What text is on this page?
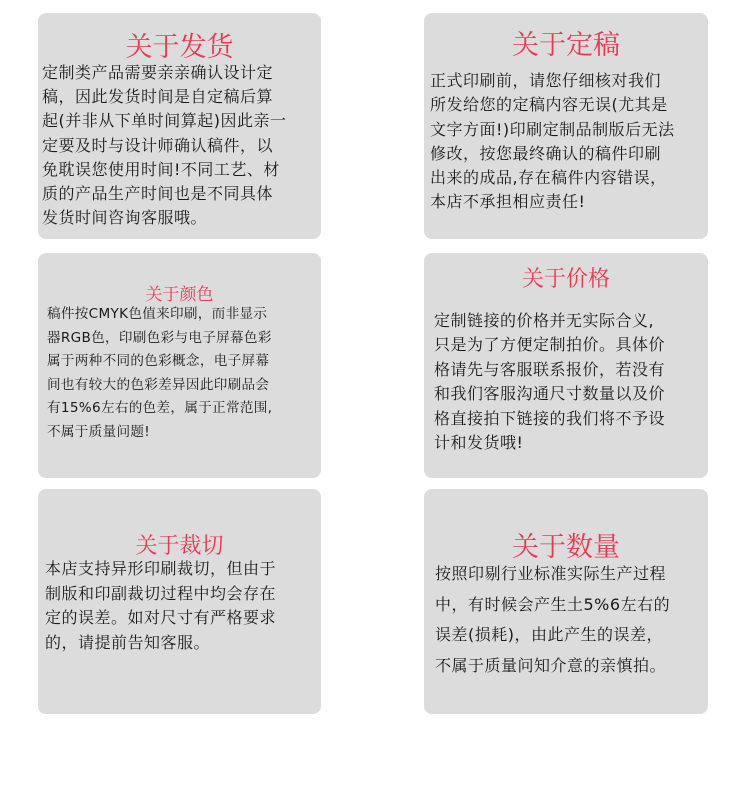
关于发货
定制类产品需要亲亲确认设计定
稿，因此发货时间是自定稿后算
起(并非从下单时间算起)因此亲一
定要及时与设计师确认稿件，以
免耽误您使用时间!不同工艺、材
质的产品生产时间也是不同具体
发货时间咨询客服哦。
关于定稿
正式印刷前，请您仔细核对我们
所发给您的定稿内容无误(尤其是
文字方面!)印刷定制品制版后无法
修改，按您最终确认的稿件印刷
出来的成品,存在稿件内容错误，
本店不承担相应责任!
关于颜色
稿件按CMYK色值来印刷，而非显示
器RGB色，印刷色彩与电子屏幕色彩
属于两种不同的色彩概念，电子屏幕
间也有较大的色彩差异因此印刷品会
有15%6左右的色差，属于正常范围,
不属于质量问题!
关于价格
定制链接的价格并无实际合义,
只是为了方便定制拍价。具体价
格请先与客服联系报价，若没有
和我们客服沟通尺寸数量以及价
格直接拍下链接的我们将不予设
计和发货哦!
关于裁切
本店支持异形印刷裁切，但由于
制版和印副裁切过程中均会存在
定的误差。如对尺寸有严格要求
的，请提前告知客服。
关于数量
按照印剔行业标准实际生产过程
中，有时候会产生土5%6左右的
误差(损耗)，由此产生的误差，
不属于质量问知介意的亲慎拍。
